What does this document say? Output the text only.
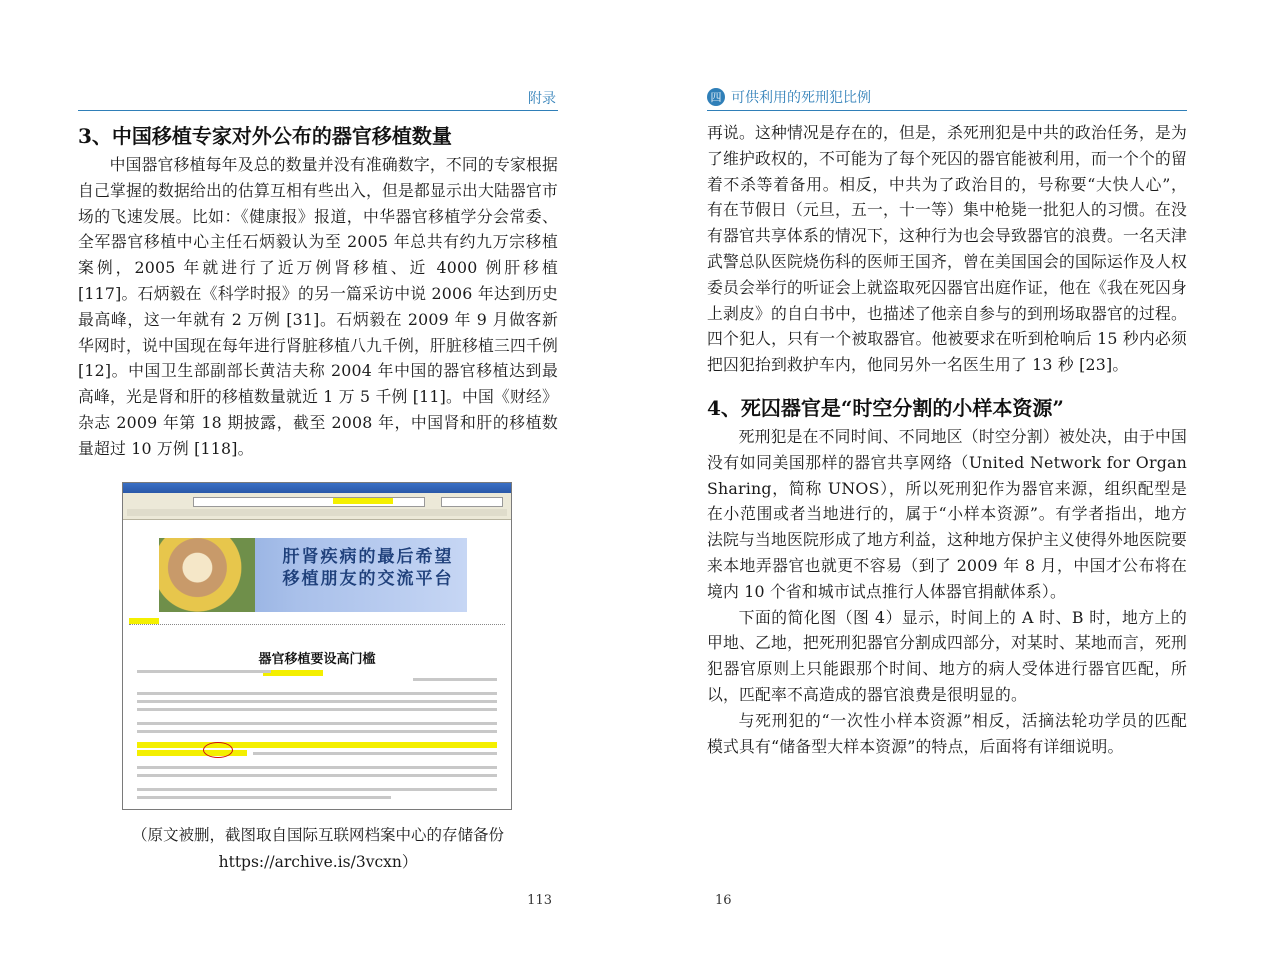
附录
3、中国移植专家对外公布的器官移植数量

中国器官移植每年及总的数量并没有准确数字，不同的专家根据自己掌握的数据给出的估算互相有些出入，但是都显示出大陆器官市场的飞速发展。比如：《健康报》报道，中华器官移植学分会常委、全军器官移植中心主任石炳毅认为至 2005 年总共有约九万宗移植案例，2005 年就进行了近万例肾移植、近 4000 例肝移植 [117]。石炳毅在《科学时报》的另一篇采访中说 2006 年达到历史最高峰，这一年就有 2 万例 [31]。石炳毅在 2009 年 9 月做客新华网时，说中国现在每年进行肾脏移植八九千例，肝脏移植三四千例 [12]。中国卫生部副部长黄洁夫称 2004 年中国的器官移植达到最高峰，光是肾和肝的移植数量就近 1 万 5 千例 [11]。中国《财经》杂志 2009 年第 18 期披露，截至 2008 年，中国肾和肝的移植数量超过 10 万例 [118]。

肝肾疾病的最后希望
移植朋友的交流平台
器官移植要设高门槛
（原文被删，截图取自国际互联网档案中心的存储备份
https://archive.is/3vcxn）
113
四 可供利用的死刑犯比例

再说。这种情况是存在的，但是，杀死刑犯是中共的政治任务，是为了维护政权的，不可能为了每个死囚的器官能被利用，而一个个的留着不杀等着备用。相反，中共为了政治目的，号称要“大快人心”，有在节假日（元旦，五一，十一等）集中枪毙一批犯人的习惯。在没有器官共享体系的情况下，这种行为也会导致器官的浪费。一名天津武警总队医院烧伤科的医师王国齐，曾在美国国会的国际运作及人权委员会举行的听证会上就盗取死囚器官出庭作证，他在《我在死囚身上剥皮》的自白书中，也描述了他亲自参与的到刑场取器官的过程。四个犯人，只有一个被取器官。他被要求在听到枪响后 15 秒内必须把囚犯抬到救护车内，他同另外一名医生用了 13 秒 [23]。

4、死囚器官是“时空分割的小样本资源”

死刑犯是在不同时间、不同地区（时空分割）被处决，由于中国没有如同美国那样的器官共享网络（United Network for Organ Sharing，简称 UNOS），所以死刑犯作为器官来源，组织配型是在小范围或者当地进行的，属于“小样本资源”。有学者指出，地方法院与当地医院形成了地方利益，这种地方保护主义使得外地医院要来本地弄器官也就更不容易（到了 2009 年 8 月，中国才公布将在境内 10 个省和城市试点推行人体器官捐献体系）。

下面的简化图（图 4）显示，时间上的 A 时、B 时，地方上的甲地、乙地，把死刑犯器官分割成四部分，对某时、某地而言，死刑犯器官原则上只能跟那个时间、地方的病人受体进行器官匹配，所以，匹配率不高造成的器官浪费是很明显的。

与死刑犯的“一次性小样本资源”相反，活摘法轮功学员的匹配模式具有“储备型大样本资源”的特点，后面将有详细说明。

16
